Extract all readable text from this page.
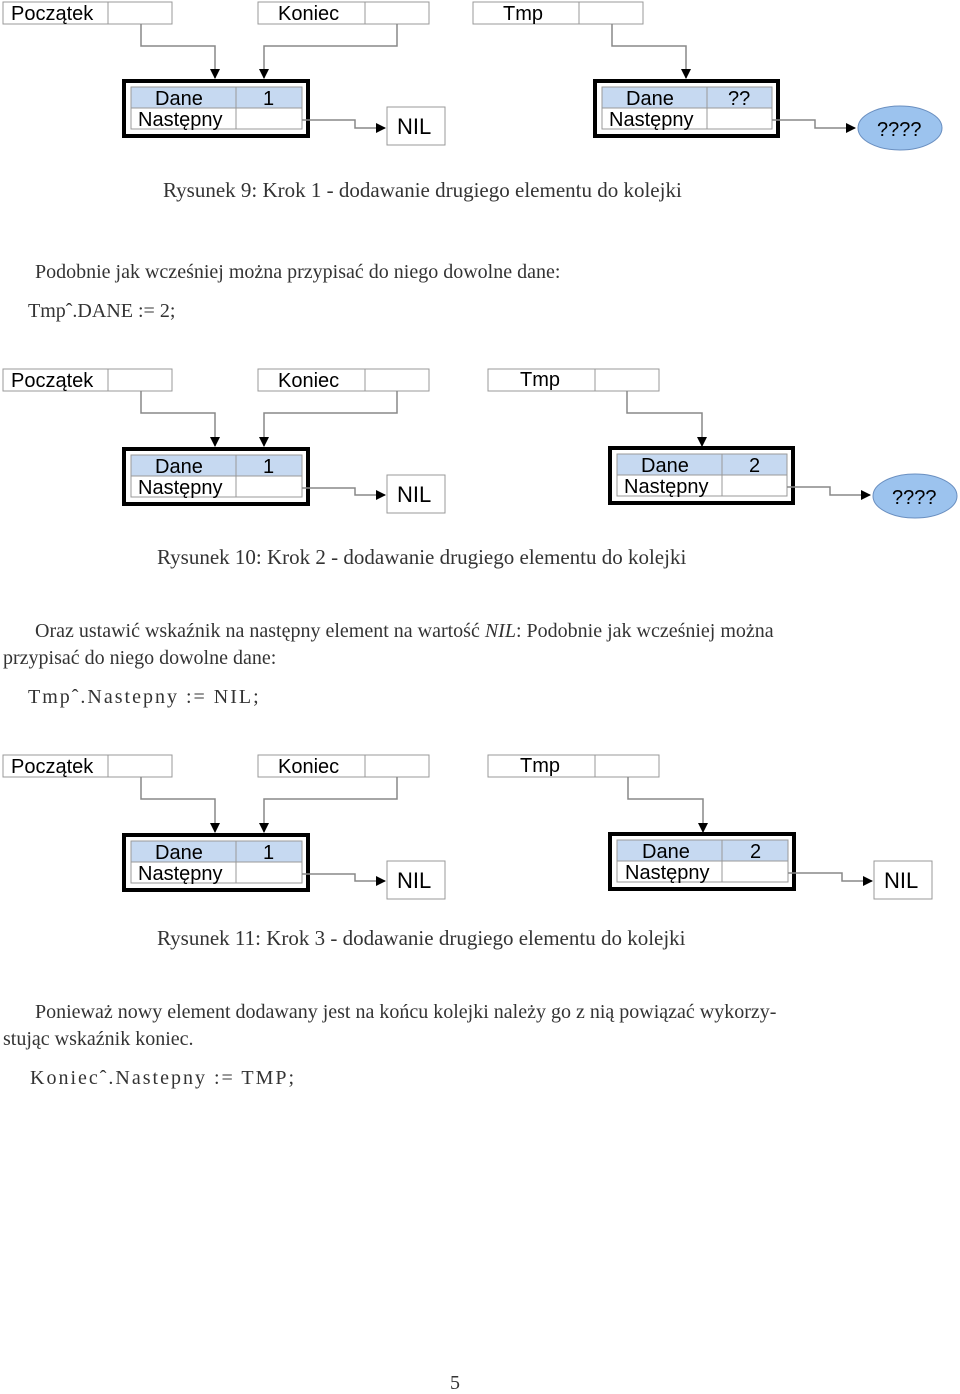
Początek	Koniec	Tmp
Dane	1
Następny	NIL
Dane	??
Następny	????
Początek	Koniec	Tmp
Dane	1
Następny	NIL
Dane	2
Następny	????
Początek	Koniec	Tmp
Dane	1
Następny	NIL
Dane	2
Następny	NIL
Rysunek 9: Krok 1 - dodawanie drugiego elementu do kolejki
Podobnie jak wcześniej można przypisać do niego dowolne dane:
Tmpˆ.DANE := 2;
Rysunek 10: Krok 2 - dodawanie drugiego elementu do kolejki
Oraz ustawić wskaźnik na następny element na wartość NIL: Podobnie jak wcześniej można
przypisać do niego dowolne dane:
Tmpˆ.Nastepny := NIL;
Rysunek 11: Krok 3 - dodawanie drugiego elementu do kolejki
Ponieważ nowy element dodawany jest na końcu kolejki należy go z nią powiązać wykorzy-
stując wskaźnik koniec.
Koniecˆ.Nastepny := TMP;
5
